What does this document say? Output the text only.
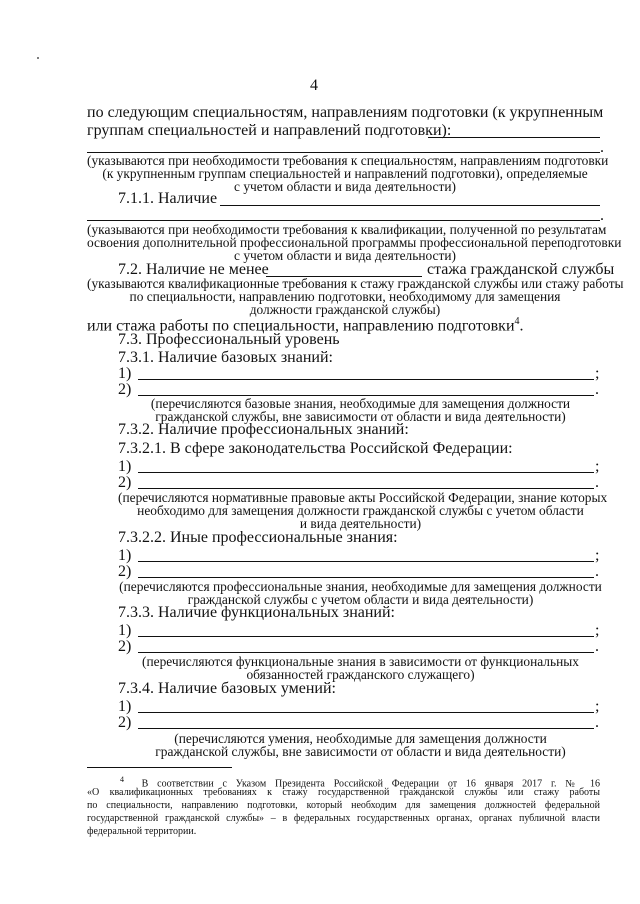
4
по следующим специальностям, направлениям подготовки (к укрупненным
группам специальностей и направлений подготовки):
.
(указываются при необходимости требования к специальностям, направлениям подготовки
(к укрупненным группам специальностей и направлений подготовки), определяемые
с учетом области и вида деятельности)
7.1.1. Наличие
.
(указываются при необходимости требования к квалификации, полученной по результатам
освоения дополнительной профессиональной программы профессиональной переподготовки
с учетом области и вида деятельности)
7.2. Наличие не менее	стажа гражданской службы
(указываются квалификационные требования к стажу гражданской службы или стажу работы
по специальности, направлению подготовки, необходимому для замещения
должности гражданской службы)
или стажа работы по специальности, направлению подготовки$^4$.
7.3. Профессиональный уровень
7.3.1. Наличие базовых знаний:
1)	;
2)	.
(перечисляются базовые знания, необходимые для замещения должности
гражданской службы, вне зависимости от области и вида деятельности)
7.3.2. Наличие профессиональных знаний:
7.3.2.1. В сфере законодательства Российской Федерации:
1)	;
2)	.
(перечисляются нормативные правовые акты Российской Федерации, знание которых
необходимо для замещения должности гражданской службы с учетом области
и вида деятельности)
7.3.2.2. Иные профессиональные знания:
1)	;
2)	.
(перечисляются профессиональные знания, необходимые для замещения должности
гражданской службы с учетом области и вида деятельности)
7.3.3. Наличие функциональных знаний:
1)	;
2)	.
(перечисляются функциональные знания в зависимости от функциональных
обязанностей гражданского служащего)
7.3.4. Наличие базовых умений:
1)	;
2)	.
(перечисляются умения, необходимые для замещения должности
гражданской службы, вне зависимости от области и вида деятельности)
$^4$ В соответствии с Указом Президента Российской Федерации от 16 января 2017 г. № 16
«О квалификационных требованиях к стажу государственной гражданской службы или стажу работы
по специальности, направлению подготовки, который необходим для замещения должностей федеральной
государственной гражданской службы» – в федеральных государственных органах, органах публичной власти
федеральной территории.
